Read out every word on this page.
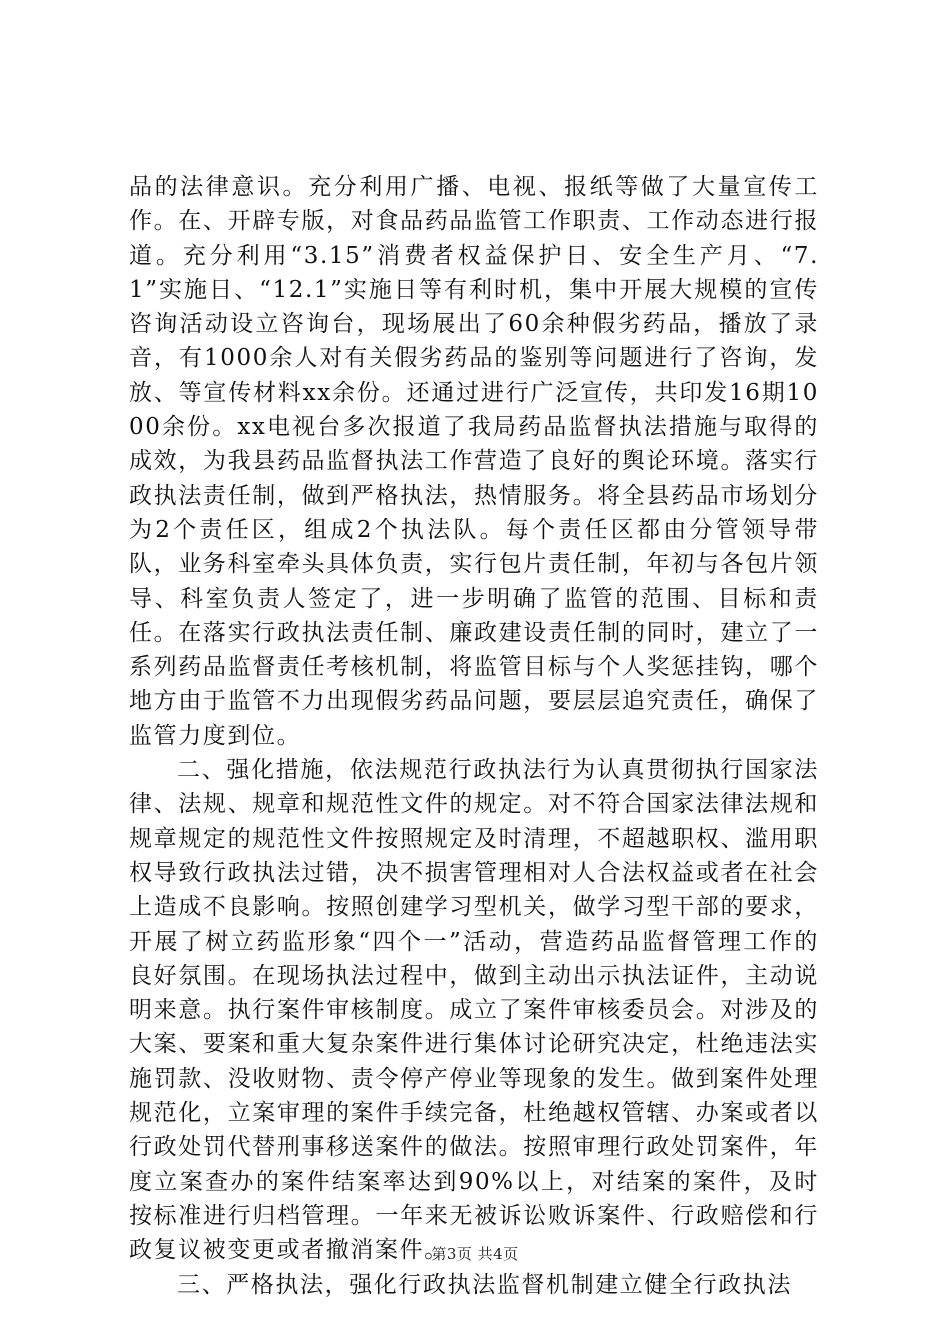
品的法律意识。充分利用广播、电视、报纸等做了大量宣传工作。在、开辟专版，对食品药品监管工作职责、工作动态进行报道。充分利用“3.15”消费者权益保护日、安全生产月、“7.1”实施日、“12.1”实施日等有利时机，集中开展大规模的宣传咨询活动设立咨询台，现场展出了60余种假劣药品，播放了录音，有1000余人对有关假劣药品的鉴别等问题进行了咨询，发放、等宣传材料xx余份。还通过进行广泛宣传，共印发16期1000余份。xx电视台多次报道了我局药品监督执法措施与取得的成效，为我县药品监督执法工作营造了良好的舆论环境。落实行政执法责任制，做到严格执法，热情服务。将全县药品市场划分为2个责任区，组成2个执法队。每个责任区都由分管领导带队，业务科室牵头具体负责，实行包片责任制，年初与各包片领导、科室负责人签定了，进一步明确了监管的范围、目标和责任。在落实行政执法责任制、廉政建设责任制的同时，建立了一系列药品监督责任考核机制，将监管目标与个人奖惩挂钩，哪个地方由于监管不力出现假劣药品问题，要层层追究责任，确保了监管力度到位。

二、强化措施，依法规范行政执法行为认真贯彻执行国家法律、法规、规章和规范性文件的规定。对不符合国家法律法规和规章规定的规范性文件按照规定及时清理，不超越职权、滥用职权导致行政执法过错，决不损害管理相对人合法权益或者在社会上造成不良影响。按照创建学习型机关，做学习型干部的要求，开展了树立药监形象“四个一”活动，营造药品监督管理工作的良好氛围。在现场执法过程中，做到主动出示执法证件，主动说明来意。执行案件审核制度。成立了案件审核委员会。对涉及的大案、要案和重大复杂案件进行集体讨论研究决定，杜绝违法实施罚款、没收财物、责令停产停业等现象的发生。做到案件处理规范化，立案审理的案件手续完备，杜绝越权管辖、办案或者以行政处罚代替刑事移送案件的做法。按照审理行政处罚案件，年度立案查办的案件结案率达到90%以上，对结案的案件，及时按标准进行归档管理。一年来无被诉讼败诉案件、行政赔偿和行政复议被变更或者撤消案件。

三、严格执法，强化行政执法监督机制建立健全行政执法

第3页 共4页
